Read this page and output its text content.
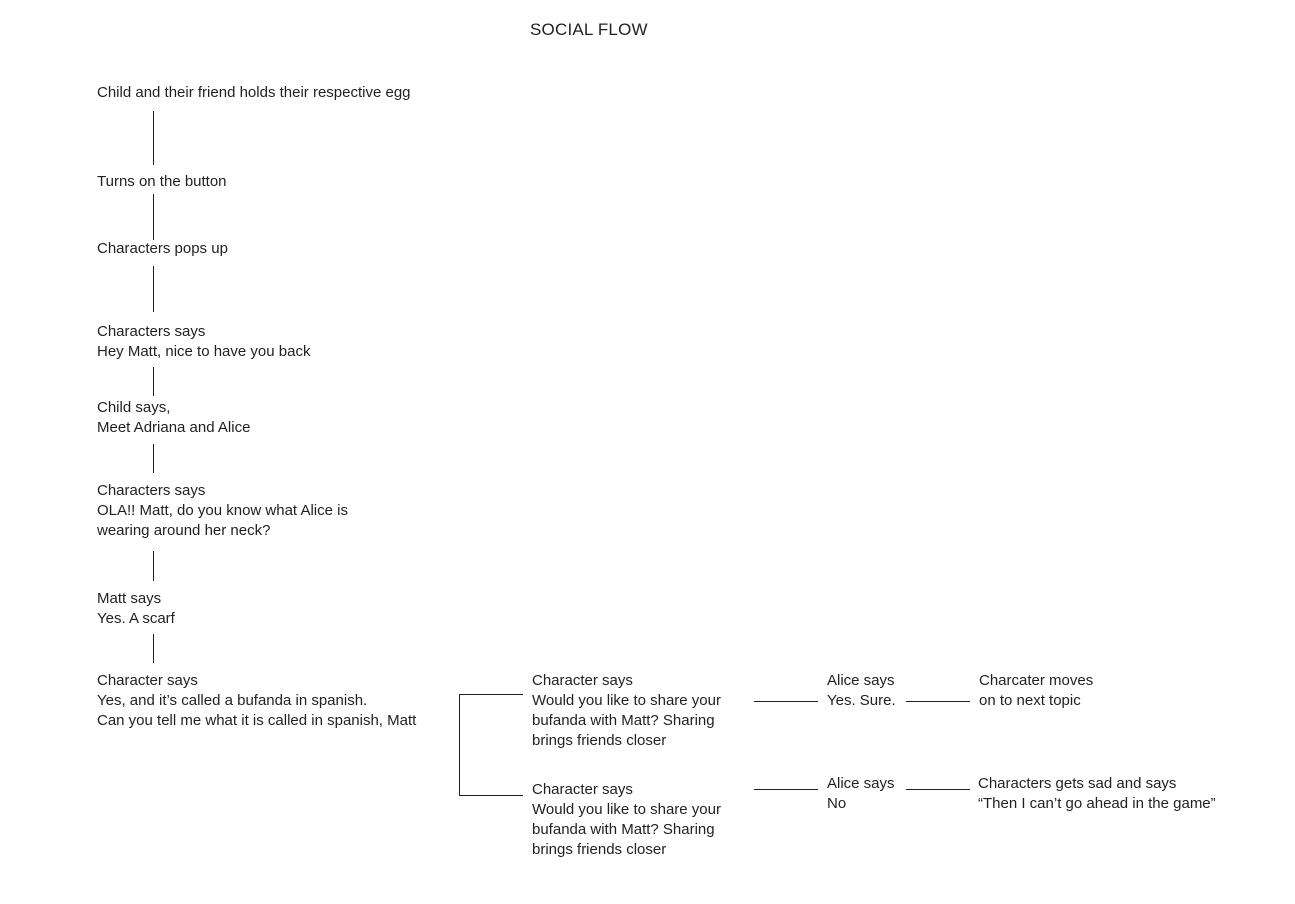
SOCIAL FLOW
Child and their friend holds their respective egg
Turns on the button
Characters pops up
Characters says
Hey Matt, nice to have you back
Child says,
Meet Adriana and Alice
Characters says
OLA!! Matt, do you know what Alice is
wearing around her neck?
Matt says
Yes. A scarf
Character says
Yes, and it’s called a bufanda in spanish.
Can you tell me what it is called in spanish, Matt
Character says
Would you like to share your
bufanda with Matt? Sharing
brings friends closer
Alice says
Yes. Sure.
Charcater moves
on to next topic
Character says
Would you like to share your
bufanda with Matt? Sharing
brings friends closer
Alice says
No
Characters gets sad and says
“Then I can’t go ahead in the game”
